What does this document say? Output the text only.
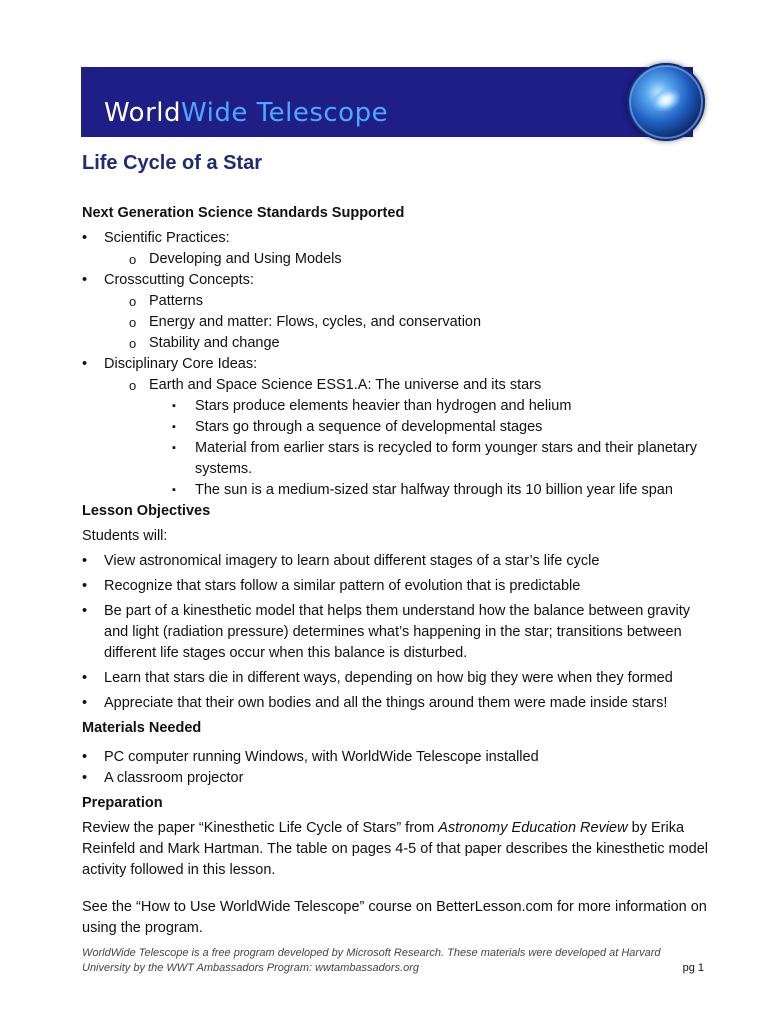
WorldWide Telescope
Life Cycle of a Star

Next Generation Science Standards Supported

• Scientific Practices:
o Developing and Using Models
• Crosscutting Concepts:
o Patterns
o Energy and matter: Flows, cycles, and conservation
o Stability and change
• Disciplinary Core Ideas:
o Earth and Space Science ESS1.A: The universe and its stars
▪ Stars produce elements heavier than hydrogen and helium
▪ Stars go through a sequence of developmental stages
▪ Material from earlier stars is recycled to form younger stars and their planetary systems.
▪ The sun is a medium-sized star halfway through its 10 billion year life span

Lesson Objectives

Students will:

• View astronomical imagery to learn about different stages of a star’s life cycle
• Recognize that stars follow a similar pattern of evolution that is predictable
• Be part of a kinesthetic model that helps them understand how the balance between gravity and light (radiation pressure) determines what’s happening in the star; transitions between different life stages occur when this balance is disturbed.
• Learn that stars die in different ways, depending on how big they were when they formed
• Appreciate that their own bodies and all the things around them were made inside stars!

Materials Needed

• PC computer running Windows, with WorldWide Telescope installed
• A classroom projector

Preparation

Review the paper “Kinesthetic Life Cycle of Stars” from Astronomy Education Review by Erika Reinfeld and Mark Hartman. The table on pages 4-5 of that paper describes the kinesthetic model activity followed in this lesson.

See the “How to Use WorldWide Telescope” course on BetterLesson.com for more information on using the program.

WorldWide Telescope is a free program developed by Microsoft Research. These materials were developed at Harvard University by the WWT Ambassadors Program: wwtambassadors.org	pg 1
